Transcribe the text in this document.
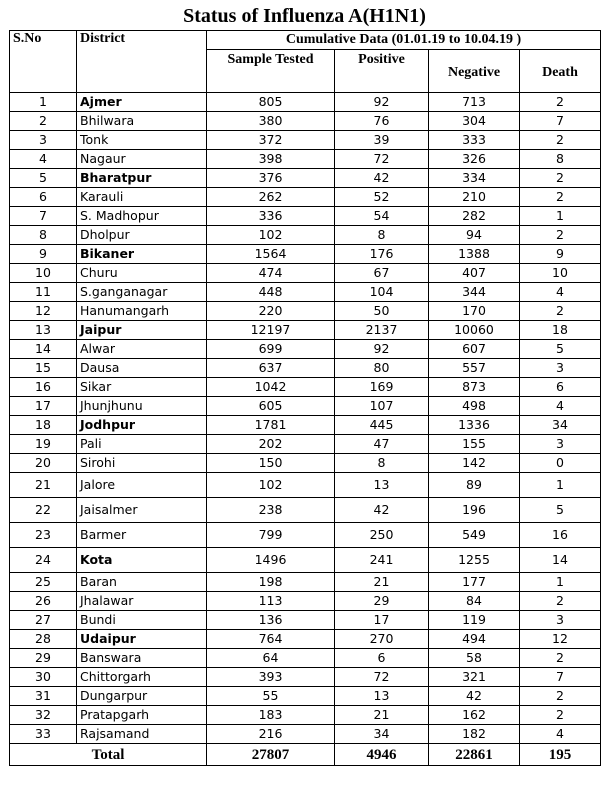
Status of Influenza A(H1N1)
S.No	District	Cumulative Data (01.01.19 to 10.04.19 )			
		Sample Tested	Positive	Negative	Death
1	Ajmer	805	92	713	2
2	Bhilwara	380	76	304	7
3	Tonk	372	39	333	2
4	Nagaur	398	72	326	8
5	Bharatpur	376	42	334	2
6	Karauli	262	52	210	2
7	S. Madhopur	336	54	282	1
8	Dholpur	102	8	94	2
9	Bikaner	1564	176	1388	9
10	Churu	474	67	407	10
11	S.ganganagar	448	104	344	4
12	Hanumangarh	220	50	170	2
13	Jaipur	12197	2137	10060	18
14	Alwar	699	92	607	5
15	Dausa	637	80	557	3
16	Sikar	1042	169	873	6
17	Jhunjhunu	605	107	498	4
18	Jodhpur	1781	445	1336	34
19	Pali	202	47	155	3
20	Sirohi	150	8	142	0
21	Jalore	102	13	89	1
22	Jaisalmer	238	42	196	5
23	Barmer	799	250	549	16
24	Kota	1496	241	1255	14
25	Baran	198	21	177	1
26	Jhalawar	113	29	84	2
27	Bundi	136	17	119	3
28	Udaipur	764	270	494	12
29	Banswara	64	6	58	2
30	Chittorgarh	393	72	321	7
31	Dungarpur	55	13	42	2
32	Pratapgarh	183	21	162	2
33	Rajsamand	216	34	182	4
Total		27807	4946	22861	195
